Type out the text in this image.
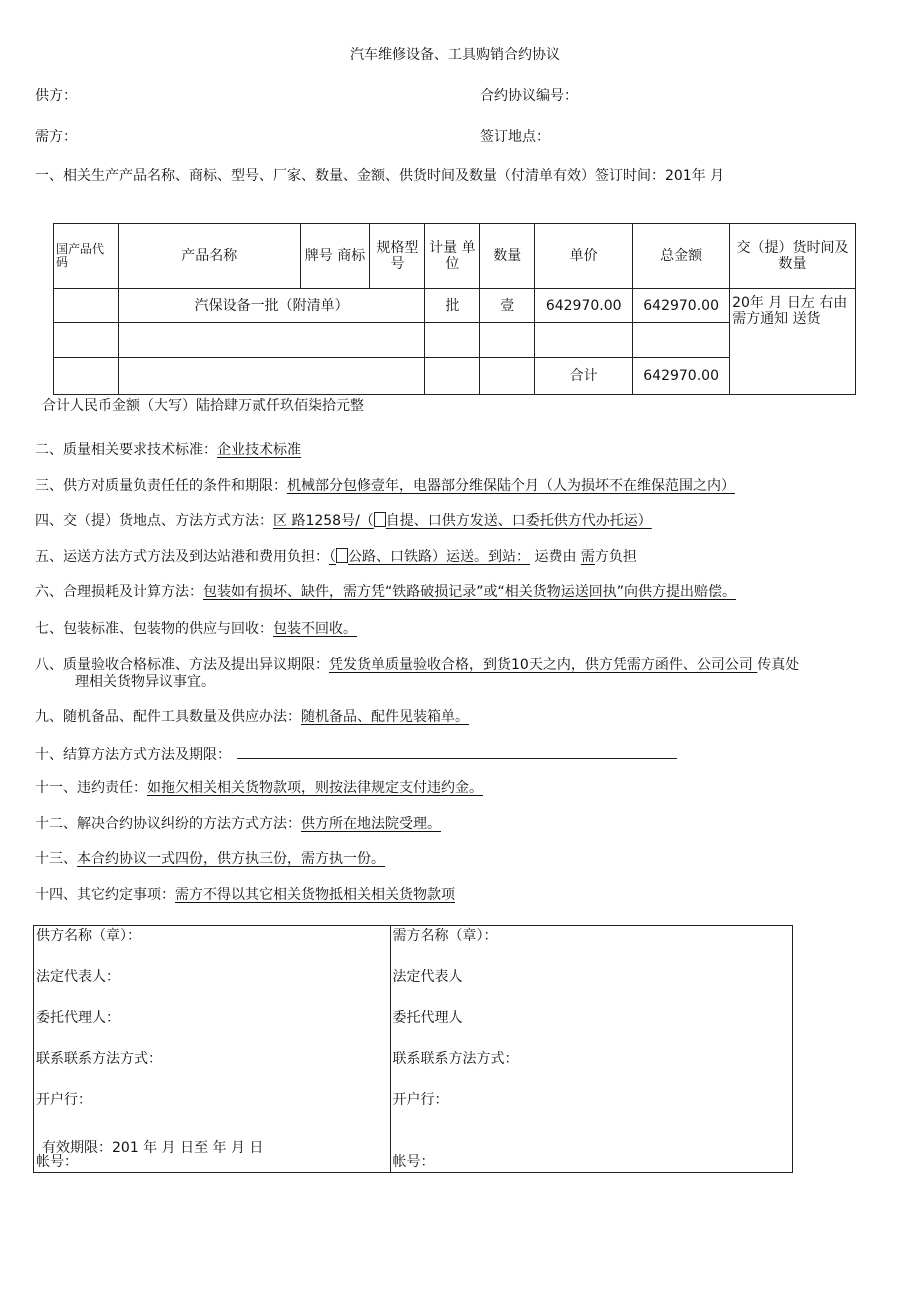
汽车维修设备、工具购销合约协议
供方：	合约协议编号：
需方：	签订地点：
一、相关生产产品名称、商标、型号、厂家、数量、金额、供货时间及数量（付清单有效）签订时间：201年 月
国产品代码	产品名称	牌号 商标	规格型号	计量 单位	数量	单价	总金额	交（提）货时间及数量
	汽保设备一批（附清单）			批	壹	642970.00	642970.00	20年 月 日左 右由需方通知 送货

						合计	642970.00	
合计人民币金额（大写）陆拾肆万贰仟玖佰柒拾元整
二、质量相关要求技术标准：企业技术标准
三、供方对质量负责任任的条件和期限：机械部分包修壹年，电器部分维保陆个月（人为损坏不在维保范围之内）
四、交（提）货地点、方法方式方法：区 路1258号/（ 自提、口供方发送、口委托供方代办托运）
五、运送方法方式方法及到达站港和费用负担：（ 公路、口铁路）运送。到站： 运费由 需方负担
六、合理损耗及计算方法：包装如有损坏、缺件，需方凭“铁路破损记录”或“相关货物运送回执”向供方提出赔偿。
七、包装标准、包装物的供应与回收：包装不回收。
八、质量验收合格标准、方法及提出异议期限：凭发货单质量验收合格，到货10天之内，供方凭需方函件、公司公司 传真处
理相关货物异议事宜。
九、随机备品、配件工具数量及供应办法：随机备品、配件见装箱单。
十、结算方法方式方法及期限：
十一、违约责任：如拖欠相关相关货物款项，则按法律规定支付违约金。
十二、解决合约协议纠纷的方法方式方法：供方所在地法院受理。
十三、本合约协议一式四份，供方执三份，需方执一份。
十四、其它约定事项：需方不得以其它相关货物抵相关相关货物款项
供方名称（章）：	需方名称（章）：
法定代表人：	法定代表人
委托代理人：	委托代理人
联系联系方法方式：	联系联系方法方式：
开户行：	开户行：
帐号：	帐号：
有效期限：201 年 月 日至 年 月 日
